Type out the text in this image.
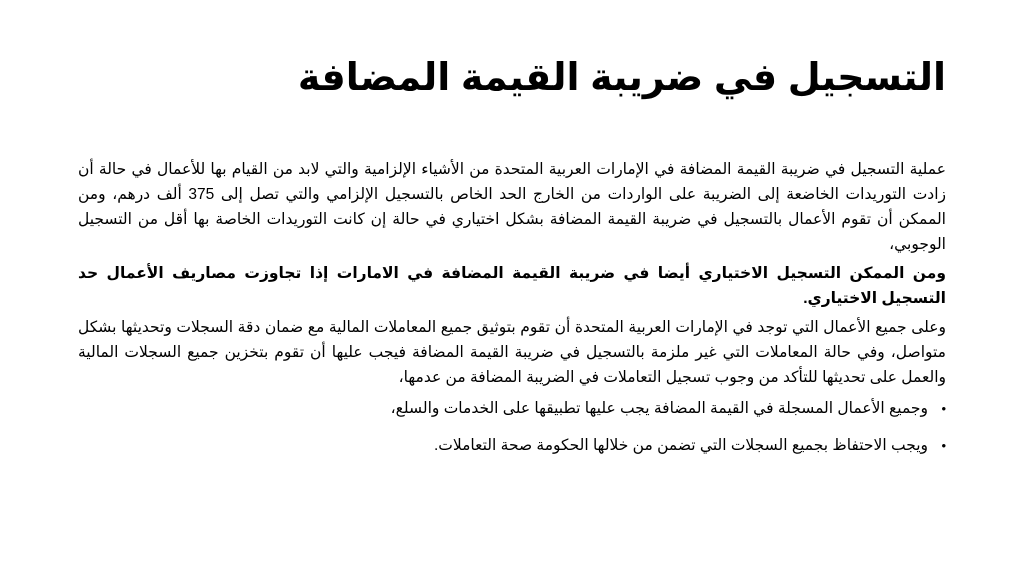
التسجيل في ضريبة القيمة المضافة

عملية التسجيل في ضريبة القيمة المضافة في الإمارات العربية المتحدة من الأشياء الإلزامية والتي لابد من القيام بها للأعمال في حالة أن زادت التوريدات الخاضعة إلى الضريبة على الواردات من الخارج الحد الخاص بالتسجيل الإلزامي والتي تصل إلى 375 ألف درهم، ومن الممكن أن تقوم الأعمال بالتسجيل في ضريبة القيمة المضافة بشكل اختياري في حالة إن كانت التوريدات الخاصة بها أقل من التسجيل الوجوبي،

ومن الممكن التسجيل الاختياري أيضا في ضريبة القيمة المضافة في الامارات إذا تجاوزت مصاريف الأعمال حد التسجيل الاختياري.

وعلى جميع الأعمال التي توجد في الإمارات العربية المتحدة أن تقوم بتوثيق جميع المعاملات المالية مع ضمان دقة السجلات وتحديثها بشكل متواصل، وفي حالة المعاملات التي غير ملزمة بالتسجيل في ضريبة القيمة المضافة فيجب عليها أن تقوم بتخزين جميع السجلات المالية والعمل على تحديثها للتأكد من وجوب تسجيل التعاملات في الضريبة المضافة من عدمها،

•
وجميع الأعمال المسجلة في القيمة المضافة يجب عليها تطبيقها على الخدمات والسلع،
•
ويجب الاحتفاظ بجميع السجلات التي تضمن من خلالها الحكومة صحة التعاملات.
